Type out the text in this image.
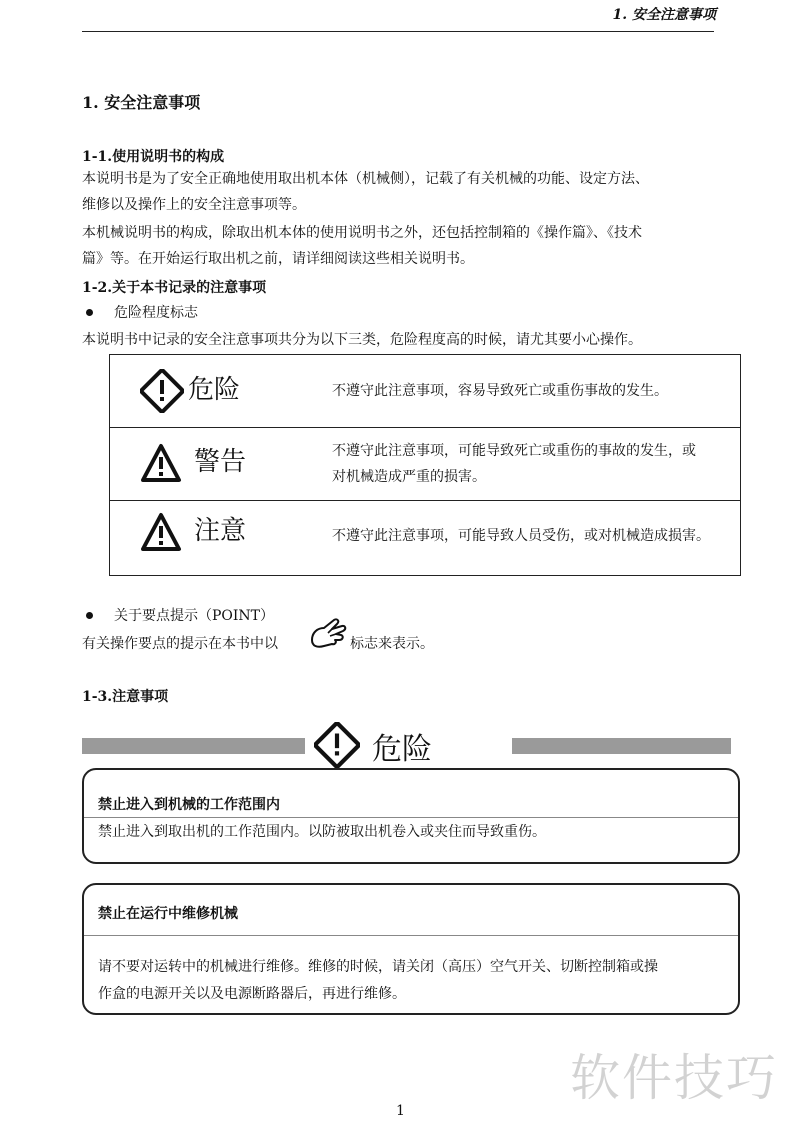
1. 安全注意事项
1. 安全注意事项
1-1.使用说明书的构成
本说明书是为了安全正确地使用取出机本体（机械侧），记载了有关机械的功能、设定方法、
维修以及操作上的安全注意事项等。
本机械说明书的构成，除取出机本体的使用说明书之外，还包括控制箱的《操作篇》、《技术
篇》等。在开始运行取出机之前，请详细阅读这些相关说明书。
1-2.关于本书记录的注意事项
危险程度标志
本说明书中记录的安全注意事项共分为以下三类，危险程度高的时候，请尤其要小心操作。
危险	不遵守此注意事项，容易导致死亡或重伤事故的发生。
警告	不遵守此注意事项，可能导致死亡或重伤的事故的发生，或
对机械造成严重的损害。
注意	不遵守此注意事项，可能导致人员受伤，或对机械造成损害。
关于要点提示（POINT）
有关操作要点的提示在本书中以	标志来表示。
1-3.注意事项
危险
禁止进入到机械的工作范围内
禁止进入到取出机的工作范围内。以防被取出机卷入或夹住而导致重伤。
禁止在运行中维修机械
请不要对运转中的机械进行维修。维修的时候，请关闭（高压）空气开关、切断控制箱或操
作盒的电源开关以及电源断路器后，再进行维修。
软件技巧
1
